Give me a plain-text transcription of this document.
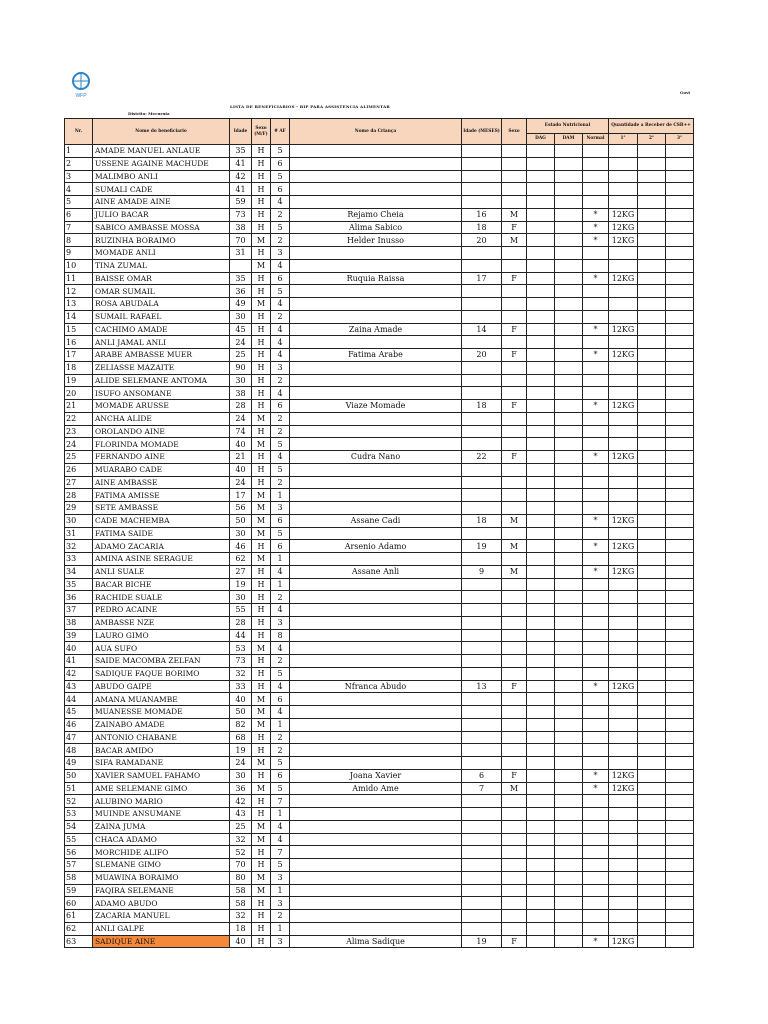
WFP
Govt
LISTA DE BENEFICIARIOS - BIP PARA ASSISTENCIA ALIMENTAR
Distrito: Mecuruia
Nr.	Nome do beneficiario	Idade	Sexo (M/F)	# AF	Nome da Criança	Idade (MESES)	Sexo	Estado Nutricional			Quantidade a Receber de CSB++		
								DAG	DAM	Normal	1°	2°	3°
1	AMADE MANUEL ANLAUE	35	H	5									
2	USSENE AGAINE MACHUDE	41	H	6									
3	MALIMBO ANLI	42	H	5									
4	SUMALI CADE	41	H	6									
5	AINE AMADE AINE	59	H	4									
6	JULIO BACAR	73	H	2	Rejamo Cheia	16	M			*	12KG		
7	SABICO AMBASSE MOSSA	38	H	5	Alima Sabico	18	F			*	12KG		
8	RUZINHA BORAIMO	70	M	2	Helder Inusso	20	M			*	12KG		
9	MOMADE ANLI	31	H	3									
10	TINA ZUMAL		M	4									
11	BAISSE OMAR	35	H	6	Ruquia Raissa	17	F			*	12KG		
12	OMAR SUMAIL	36	H	5									
13	ROSA ABUDALA	49	M	4									
14	SUMAIL RAFAEL	30	H	2									
15	CACHIMO AMADE	45	H	4	Zaina Amade	14	F			*	12KG		
16	ANLI JAMAL ANLI	24	H	4									
17	ARABE AMBASSE MUER	25	H	4	Fatima Arabe	20	F			*	12KG		
18	ZELIASSE MAZAITE	90	H	3									
19	ALIDE SELEMANE ANTOMA	30	H	2									
20	ISUFO ANSOMANE	38	H	4									
21	MOMADE ARUSSE	28	H	6	Viaze Momade	18	F			*	12KG		
22	ANCHA ALIDE	24	M	2									
23	OROLANDO AINE	74	H	2									
24	FLORINDA MOMADE	40	M	5									
25	FERNANDO AINE	21	H	4	Cudra Nano	22	F			*	12KG		
26	MUARABO CADE	40	H	5									
27	AINE AMBASSE	24	H	2									
28	FATIMA AMISSE	17	M	1									
29	SETE AMBASSE	56	M	3									
30	CADE MACHEMBA	50	M	6	Assane Cadi	18	M			*	12KG		
31	FATIMA SAIDE	30	M	5									
32	ADAMO ZACARIA	46	H	6	Arsenio Adamo	19	M			*	12KG		
33	AMINA ASINE SERAGUE	62	M	1									
34	ANLI SUALE	27	H	4	Assane Anli	9	M			*	12KG		
35	BACAR BICHE	19	H	1									
36	RACHIDE SUALE	30	H	2									
37	PEDRO ACAINE	55	H	4									
38	AMBASSE NZE	28	H	3									
39	LAURO GIMO	44	H	8									
40	AUA SUFO	53	M	4									
41	SAIDE MACOMBA ZELFAN	73	H	2									
42	SADIQUE FAQUE BORIMO	32	H	5									
43	ABUDO GAIPE	33	H	4	Nfranca Abudo	13	F			*	12KG		
44	AMANA MUANAMBE	40	M	6									
45	MUANESSE MOMADE	50	M	4									
46	ZAINABO AMADE	82	M	1									
47	ANTONIO CHABANE	68	H	2									
48	BACAR AMIDO	19	H	2									
49	SIFA RAMADANE	24	M	5									
50	XAVIER SAMUEL FAHAMO	30	H	6	Joana Xavier	6	F			*	12KG		
51	AME SELEMANE GIMO	36	M	5	Amido Ame	7	M			*	12KG		
52	ALUBINO MARIO	42	H	7									
53	MUINDE ANSUMANE	43	H	1									
54	ZAINA JUMA	25	M	4									
55	CHACA ADAMO	32	M	4									
56	MORCHIDE ALIFO	52	H	7									
57	SLEMANE GIMO	70	H	5									
58	MUAWINA BORAIMO	80	M	3									
59	FAQIRA SELEMANE	58	M	1									
60	ADAMO ABUDO	58	H	3									
61	ZACARIA MANUEL	32	H	2									
62	ANLI GALPE	18	H	1									
63	SADIQUE AINE	40	H	3	Alima Sadique	19	F			*	12KG		
